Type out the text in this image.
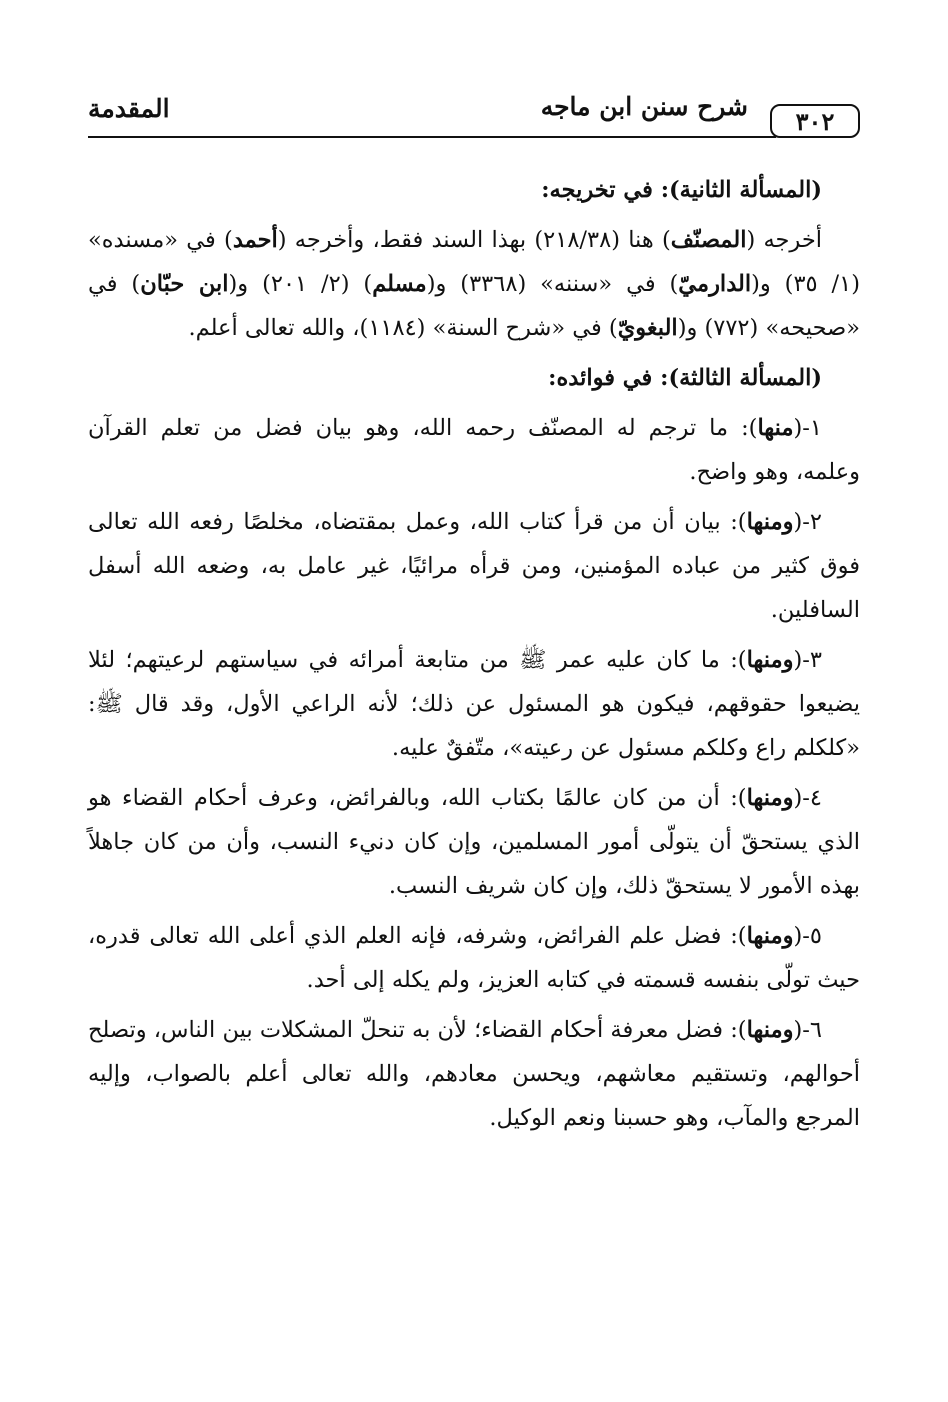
٣٠٢
شرح سنن ابن ماجه
المقدمة

(المسألة الثانية): في تخريجه:

أخرجه (المصنّف) هنا (٢١٨/٣٨) بهذا السند فقط، وأخرجه (أحمد) في «مسنده» (١/ ٣٥) و(الدارميّ) في «سننه» (٣٣٦٨) و(مسلم) (٢/ ٢٠١) و(ابن حبّان) في «صحيحه» (٧٧٢) و(البغويّ) في «شرح السنة» (١١٨٤)، والله تعالى أعلم.

(المسألة الثالثة): في فوائده:

١-(منها): ما ترجم له المصنّف رحمه الله، وهو بيان فضل من تعلم القرآن وعلمه، وهو واضح.

٢-(ومنها): بيان أن من قرأ كتاب الله، وعمل بمقتضاه، مخلصًا رفعه الله تعالى فوق كثير من عباده المؤمنين، ومن قرأه مرائيًا، غير عامل به، وضعه الله أسفل السافلين.

٣-(ومنها): ما كان عليه عمر ﷺ من متابعة أمرائه في سياستهم لرعيتهم؛ لئلا يضيعوا حقوقهم، فيكون هو المسئول عن ذلك؛ لأنه الراعي الأول، وقد قال ﷺ: «كلكلم راع وكلكم مسئول عن رعيته»، متّفقٌ عليه.

٤-(ومنها): أن من كان عالمًا بكتاب الله، وبالفرائض، وعرف أحكام القضاء هو الذي يستحقّ أن يتولّى أمور المسلمين، وإن كان دنيء النسب، وأن من كان جاهلاً بهذه الأمور لا يستحقّ ذلك، وإن كان شريف النسب.

٥-(ومنها): فضل علم الفرائض، وشرفه، فإنه العلم الذي أعلى الله تعالى قدره، حيث تولّى بنفسه قسمته في كتابه العزيز، ولم يكله إلى أحد.

٦-(ومنها): فضل معرفة أحكام القضاء؛ لأن به تنحلّ المشكلات بين الناس، وتصلح أحوالهم، وتستقيم معاشهم، ويحسن معادهم، والله تعالى أعلم بالصواب، وإليه المرجع والمآب، وهو حسبنا ونعم الوكيل.
